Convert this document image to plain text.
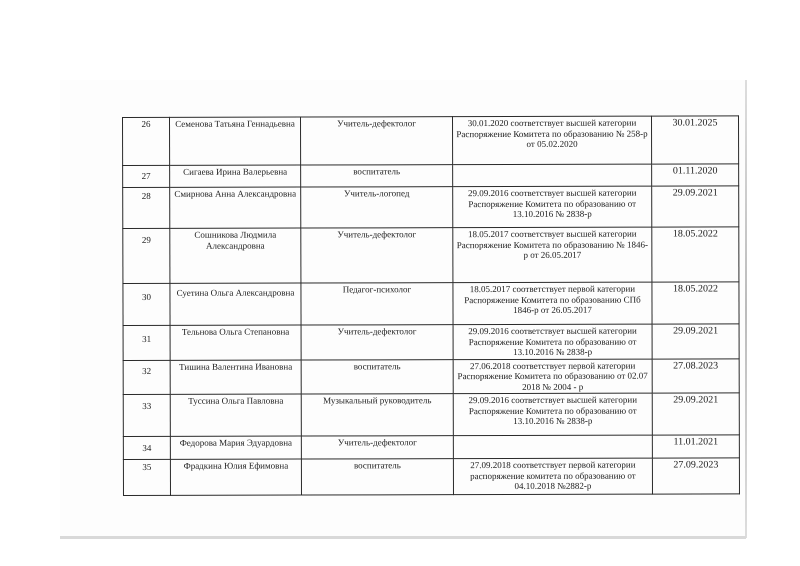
26	Семенова Татьяна Геннадьевна	Учитель-дефектолог	30.01.2020 соответствует высшей категории Распоряжение Комитета по образованию № 258-р от 05.02.2020	30.01.2025
27	Сигаева Ирина Валерьевна	воспитатель		01.11.2020
28	Смирнова Анна Александровна	Учитель-логопед	29.09.2016 соответствует высшей категории Распоряжение Комитета по образованию от 13.10.2016 № 2838-р	29.09.2021
29	Сошникова Людмила Александровна	Учитель-дефектолог	18.05.2017 соответствует высшей категории Распоряжение Комитета по образованию № 1846-р от 26.05.2017	18.05.2022
30	Суетина Ольга Александровна	Педагог-психолог	18.05.2017 соответствует первой категории Распоряжение Комитета по образованию СПб 1846-р от 26.05.2017	18.05.2022
31	Тельнова Ольга Степановна	Учитель-дефектолог	29.09.2016 соответствует высшей категории Распоряжение Комитета по образованию от 13.10.2016 № 2838-р	29.09.2021
32	Тишина Валентина Ивановна	воспитатель	27.06.2018 соответствует первой категории Распоряжение Комитета по образованию от 02.07 2018 № 2004 - р	27.08.2023
33	Туссина Ольга Павловна	Музыкальный руководитель	29.09.2016 соответствует высшей категории Распоряжение Комитета по образованию от 13.10.2016 № 2838-р	29.09.2021
34	Федорова Мария Эдуардовна	Учитель-дефектолог		11.01.2021
35	Фрадкина Юлия Ефимовна	воспитатель	27.09.2018 соответствует первой категории распоряжение комитета по образованию от 04.10.2018 №2882-р	27.09.2023
